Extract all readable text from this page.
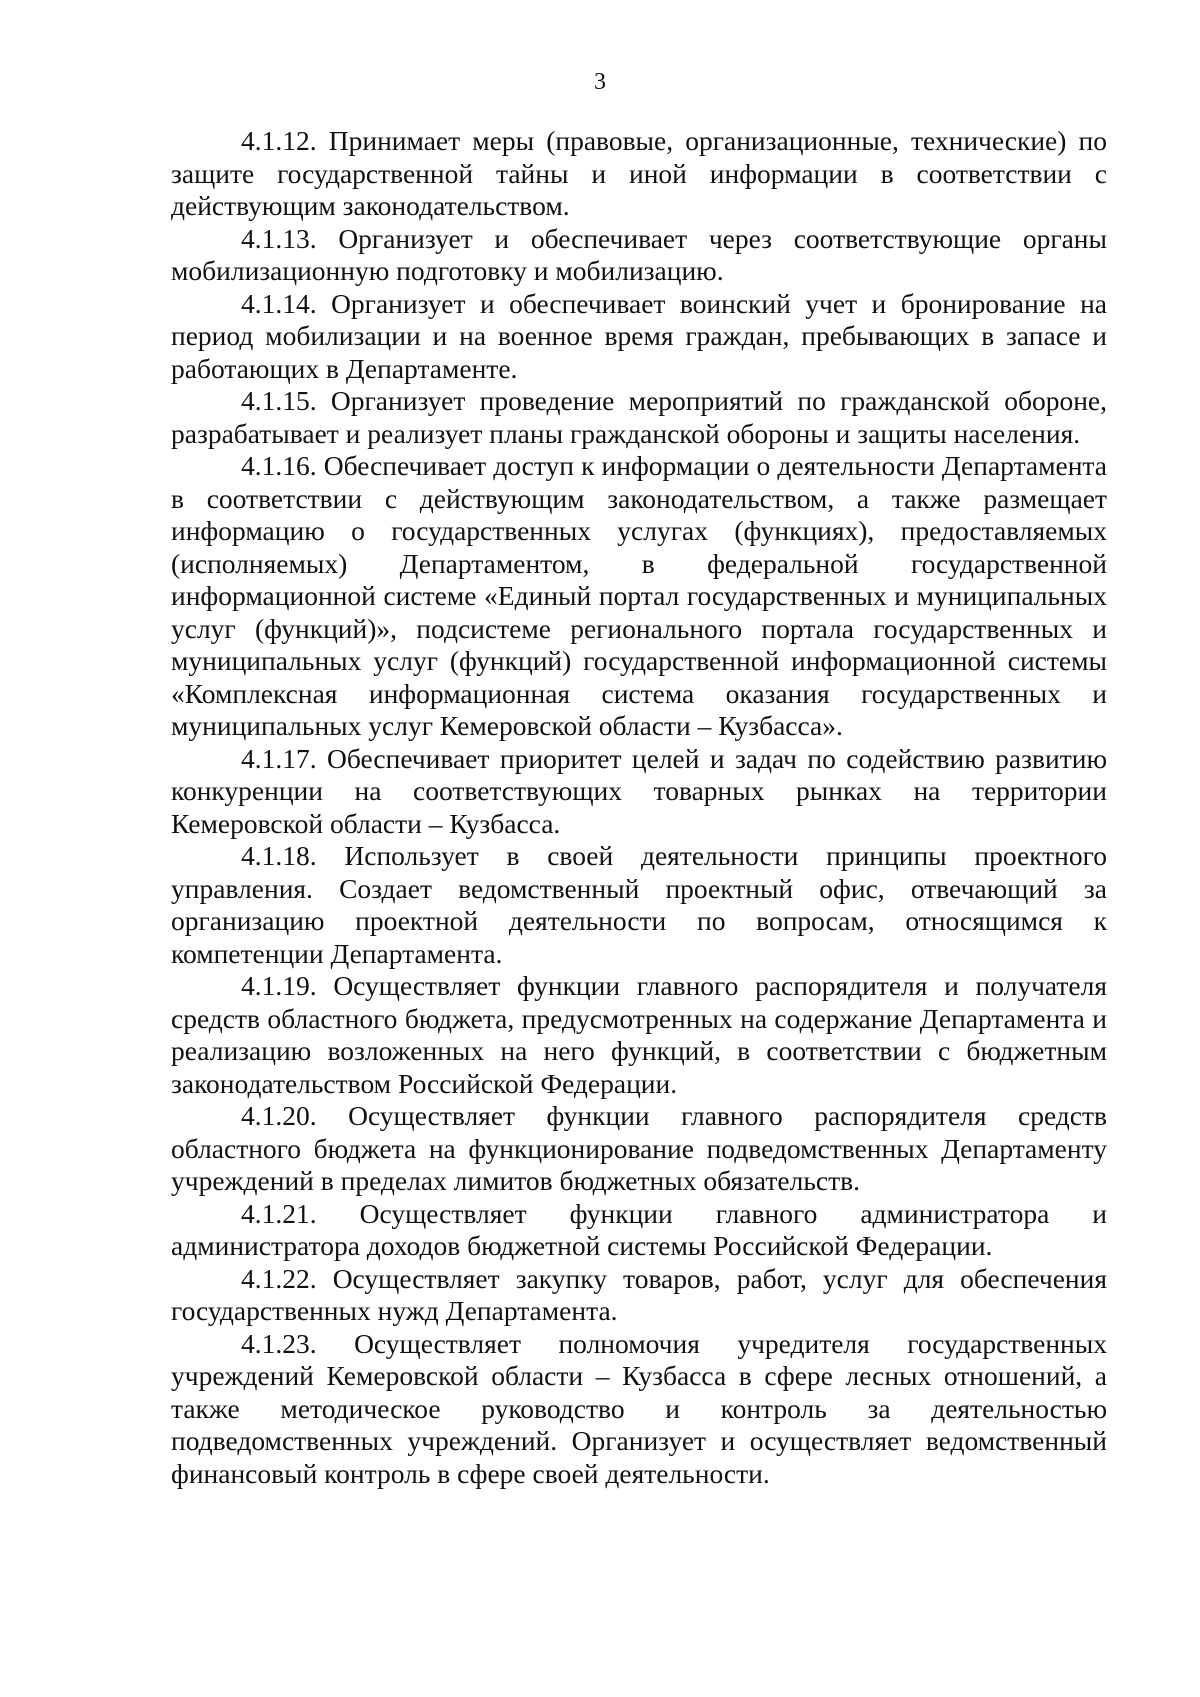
3

4.1.12. Принимает меры (правовые, организационные, технические) по защите государственной тайны и иной информации в соответствии с действующим законодательством.

4.1.13. Организует и обеспечивает через соответствующие органы мобилизационную подготовку и мобилизацию.

4.1.14. Организует и обеспечивает воинский учет и бронирование на период мобилизации и на военное время граждан, пребывающих в запасе и работающих в Департаменте.

4.1.15. Организует проведение мероприятий по гражданской обороне, разрабатывает и реализует планы гражданской обороны и защиты населения.

4.1.16. Обеспечивает доступ к информации о деятельности Департамента в соответствии с действующим законодательством, а также размещает информацию о государственных услугах (функциях), предоставляемых (исполняемых) Департаментом, в федеральной государственной информационной системе «Единый портал государственных и муниципальных услуг (функций)», подсистеме регионального портала государственных и муниципальных услуг (функций) государственной информационной системы «Комплексная информационная система оказания государственных и муниципальных услуг Кемеровской области – Кузбасса».

4.1.17. Обеспечивает приоритет целей и задач по содействию развитию конкуренции на соответствующих товарных рынках на территории Кемеровской области – Кузбасса.

4.1.18. Использует в своей деятельности принципы проектного управления. Создает ведомственный проектный офис, отвечающий за организацию проектной деятельности по вопросам, относящимся к компетенции Департамента.

4.1.19. Осуществляет функции главного распорядителя и получателя средств областного бюджета, предусмотренных на содержание Департамента и реализацию возложенных на него функций, в соответствии с бюджетным законодательством Российской Федерации.

4.1.20. Осуществляет функции главного распорядителя средств областного бюджета на функционирование подведомственных Департаменту учреждений в пределах лимитов бюджетных обязательств.

4.1.21. Осуществляет функции главного администратора и администратора доходов бюджетной системы Российской Федерации.

4.1.22. Осуществляет закупку товаров, работ, услуг для обеспечения государственных нужд Департамента.

4.1.23. Осуществляет полномочия учредителя государственных учреждений Кемеровской области – Кузбасса в сфере лесных отношений, а также методическое руководство и контроль за деятельностью подведомственных учреждений. Организует и осуществляет ведомственный финансовый контроль в сфере своей деятельности.
